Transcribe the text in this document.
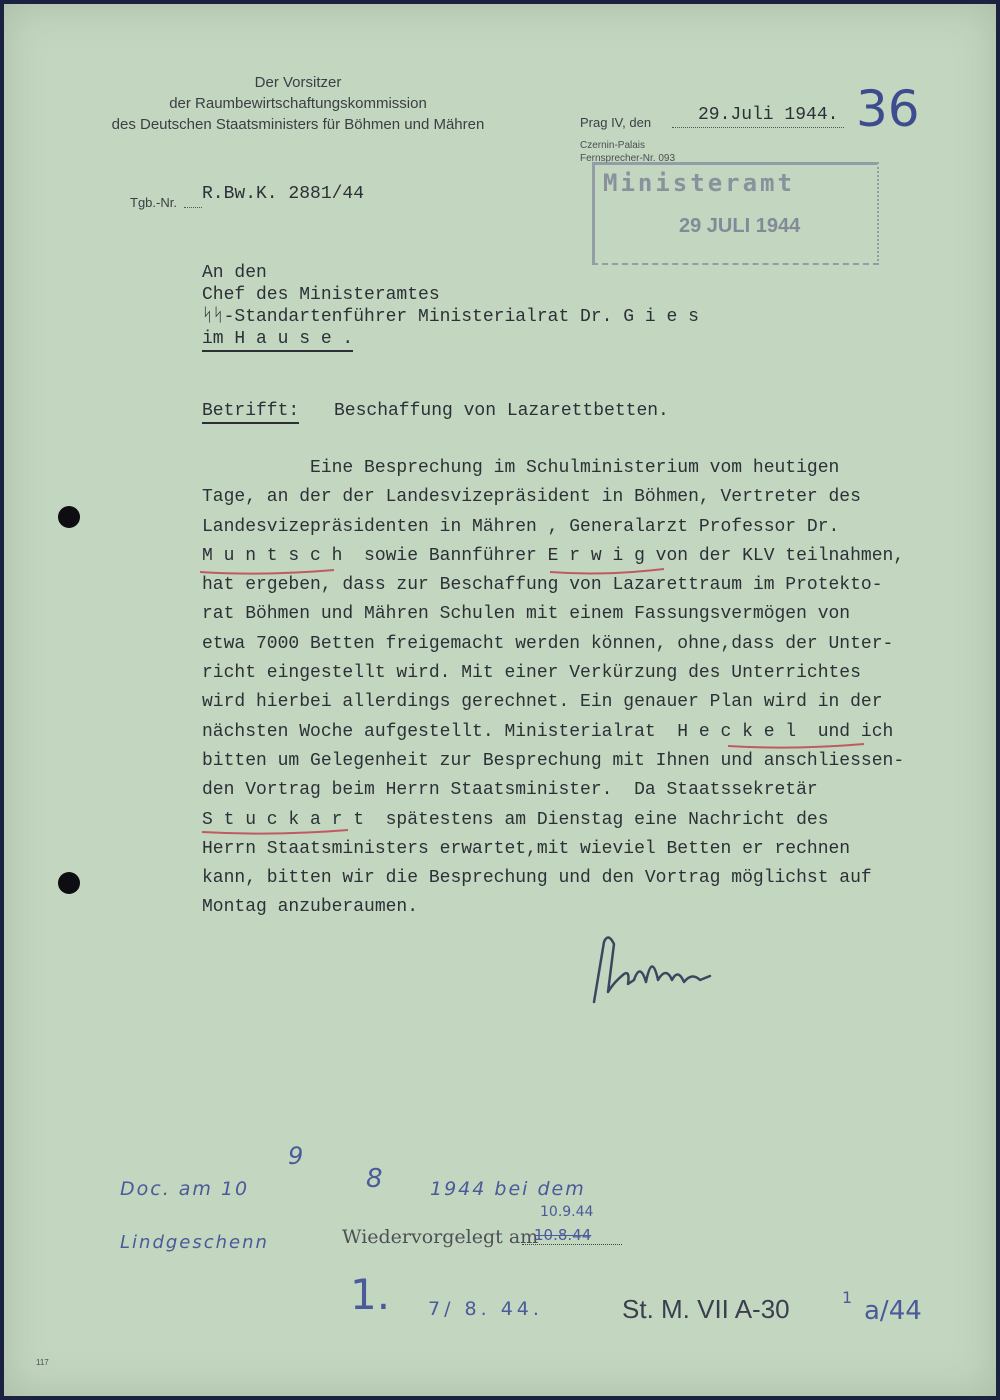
Der Vorsitzer
der Raumbewirtschaftungskommission
des Deutschen Staatsministers für Böhmen und Mähren	Prag IV, den	29.Juli 1944. 36
Czernin-Palais
Fernsprecher-Nr. 093
Ministeramt
29 JULI 1944
Tgb.-Nr. R.Bw.K. 2881/44
An den
Chef des Ministeramtes
ᛋᛋ-Standartenführer Ministerialrat Dr. G i e s
im H a u s e .
Betrifft: Beschaffung von Lazarettbetten.
Eine Besprechung im Schulministerium vom heutigen
Tage, an der der Landesvizepräsident in Böhmen, Vertreter des
Landesvizepräsidenten in Mähren , Generalarzt Professor Dr.
M u n t s c h  sowie Bannführer E r w i g von der KLV teilnahmen,
hat ergeben, dass zur Beschaffung von Lazarettraum im Protekto-
rat Böhmen und Mähren Schulen mit einem Fassungsvermögen von
etwa 7000 Betten freigemacht werden können, ohne,dass der Unter-
richt eingestellt wird. Mit einer Verkürzung des Unterrichtes
wird hierbei allerdings gerechnet. Ein genauer Plan wird in der
nächsten Woche aufgestellt. Ministerialrat  H e c k e l  und ich
bitten um Gelegenheit zur Besprechung mit Ihnen und anschliessen-
den Vortrag beim Herrn Staatsminister.  Da Staatssekretär
S t u c k a r t  spätestens am Dienstag eine Nachricht des
Herrn Staatsministers erwartet,mit wieviel Betten er rechnen
kann, bitten wir die Besprechung und den Vortrag möglichst auf
Montag anzuberaumen.
Doc. am 10
9
8 1944 bei dem
Lindgeschenn	Wiedervorgelegt am
10.8.44
10.9.44
1. 7/ 8. 44.	St. M. VII A-30	1 a/44
117
